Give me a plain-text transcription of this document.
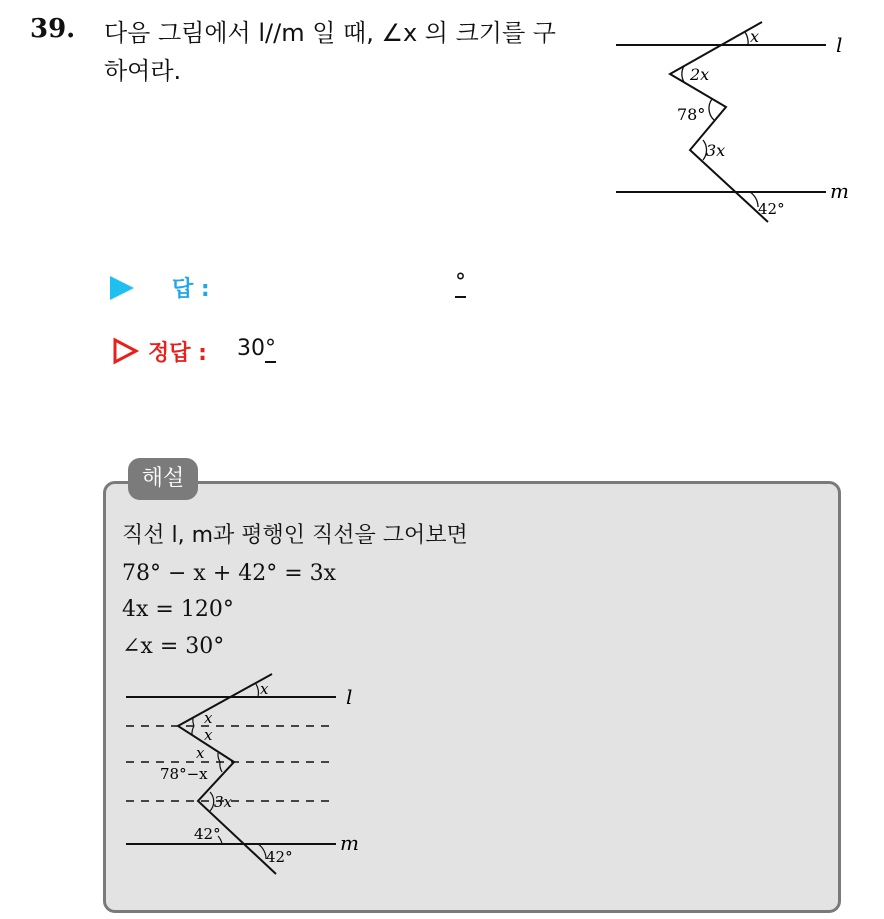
39. 다음 그림에서 l//m 일 때, ∠x 의 크기를 구
하여라.
x	l
2x
78°
3x
m
42°
답 :	°
정답 : 30°
해설
직선 l, m과 평행인 직선을 그어보면
78° − x + 42° = 3x
4x = 120°
∠x = 30°
x	l
x
x
x
78°−x
3x
42°	m
42°
